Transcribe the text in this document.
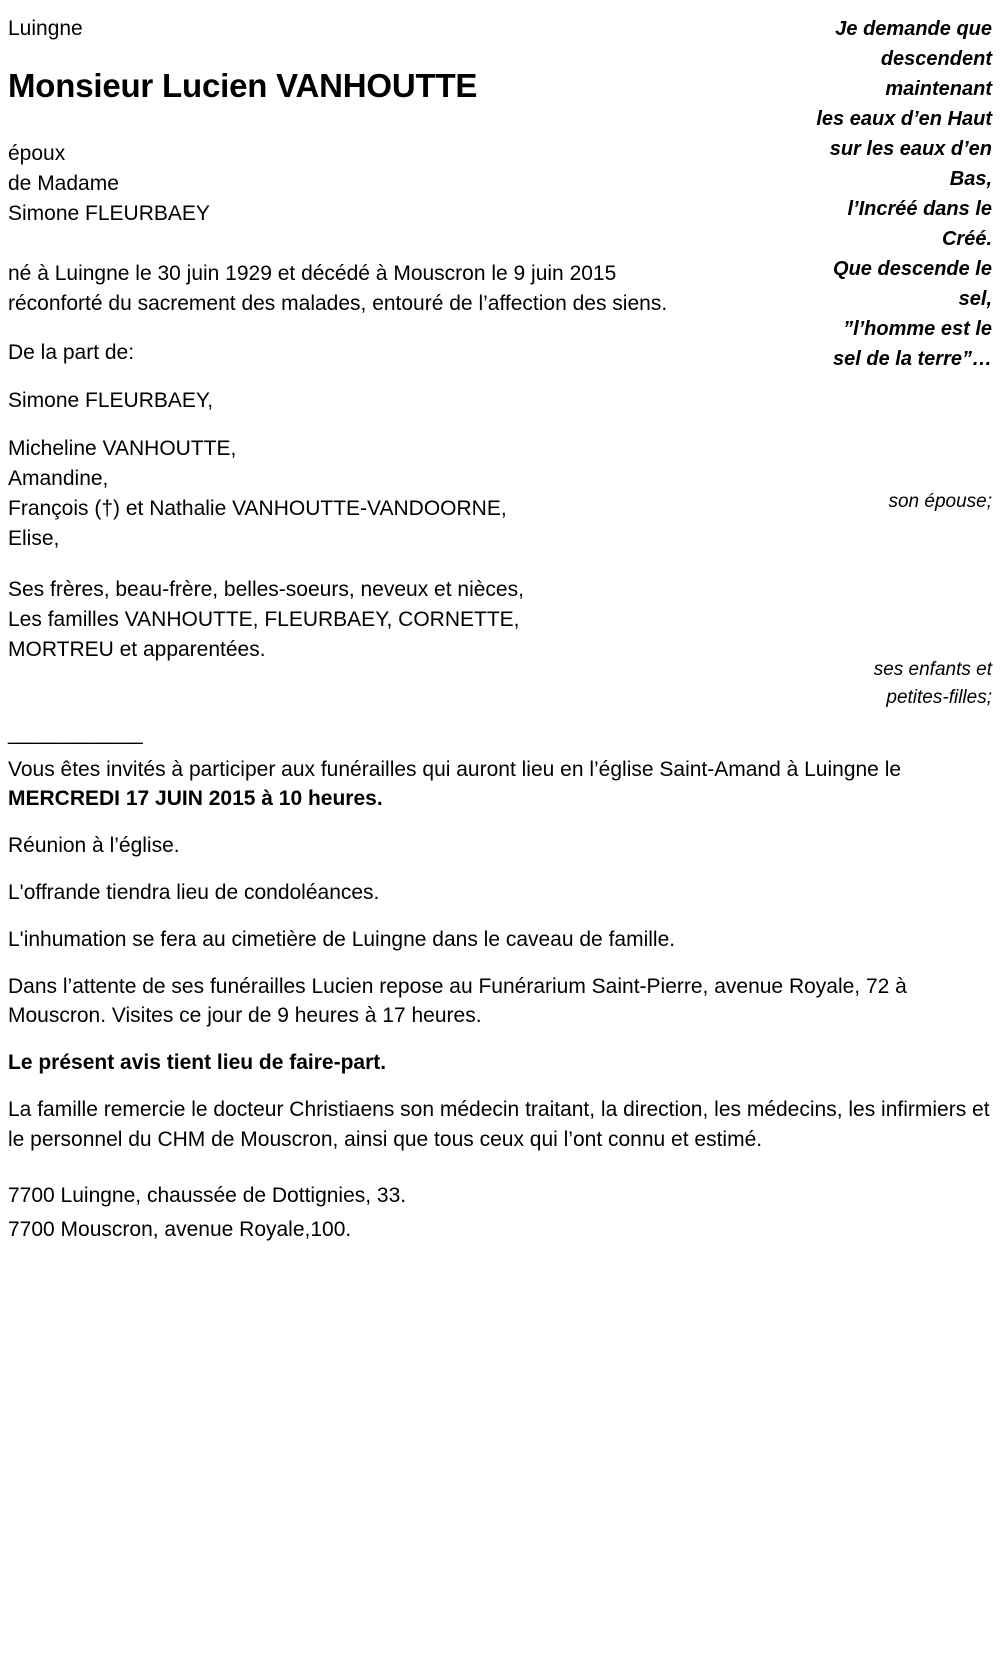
Luingne
Monsieur Lucien VANHOUTTE
époux
de Madame
Simone FLEURBAEY

né à Luingne le 30 juin 1929 et décédé à Mouscron le 9 juin 2015 réconforté du sacrement des malades, entouré de l’affection des siens.

De la part de:

Simone FLEURBAEY,

Micheline VANHOUTTE,
Amandine,
François (†) et Nathalie VANHOUTTE-VANDOORNE,
Elise,
Ses frères, beau-frère, belles-soeurs, neveux et nièces,
Les familles VANHOUTTE, FLEURBAEY, CORNETTE,
MORTREU et apparentées.
Je demande que
descendent
maintenant
les eaux d’en Haut
sur les eaux d’en
Bas,
l’Incréé dans le
Créé.
Que descende le
sel,
”l’homme est le
sel de la terre”…
son épouse;
ses enfants et
petites-filles;
____________

Vous êtes invités à participer aux funérailles qui auront lieu en l’église Saint-Amand à Luingne le MERCREDI 17 JUIN 2015 à 10 heures.

Réunion à l’église.

L'offrande tiendra lieu de condoléances.

L'inhumation se fera au cimetière de Luingne dans le caveau de famille.

Dans l’attente de ses funérailles Lucien repose au Funérarium Saint-Pierre, avenue Royale, 72 à Mouscron. Visites ce jour de 9 heures à 17 heures.

Le présent avis tient lieu de faire-part.

La famille remercie le docteur Christiaens son médecin traitant, la direction, les médecins, les infirmiers et le personnel du CHM de Mouscron, ainsi que tous ceux qui l’ont connu et estimé.

7700 Luingne, chaussée de Dottignies, 33.
7700 Mouscron, avenue Royale,100.
